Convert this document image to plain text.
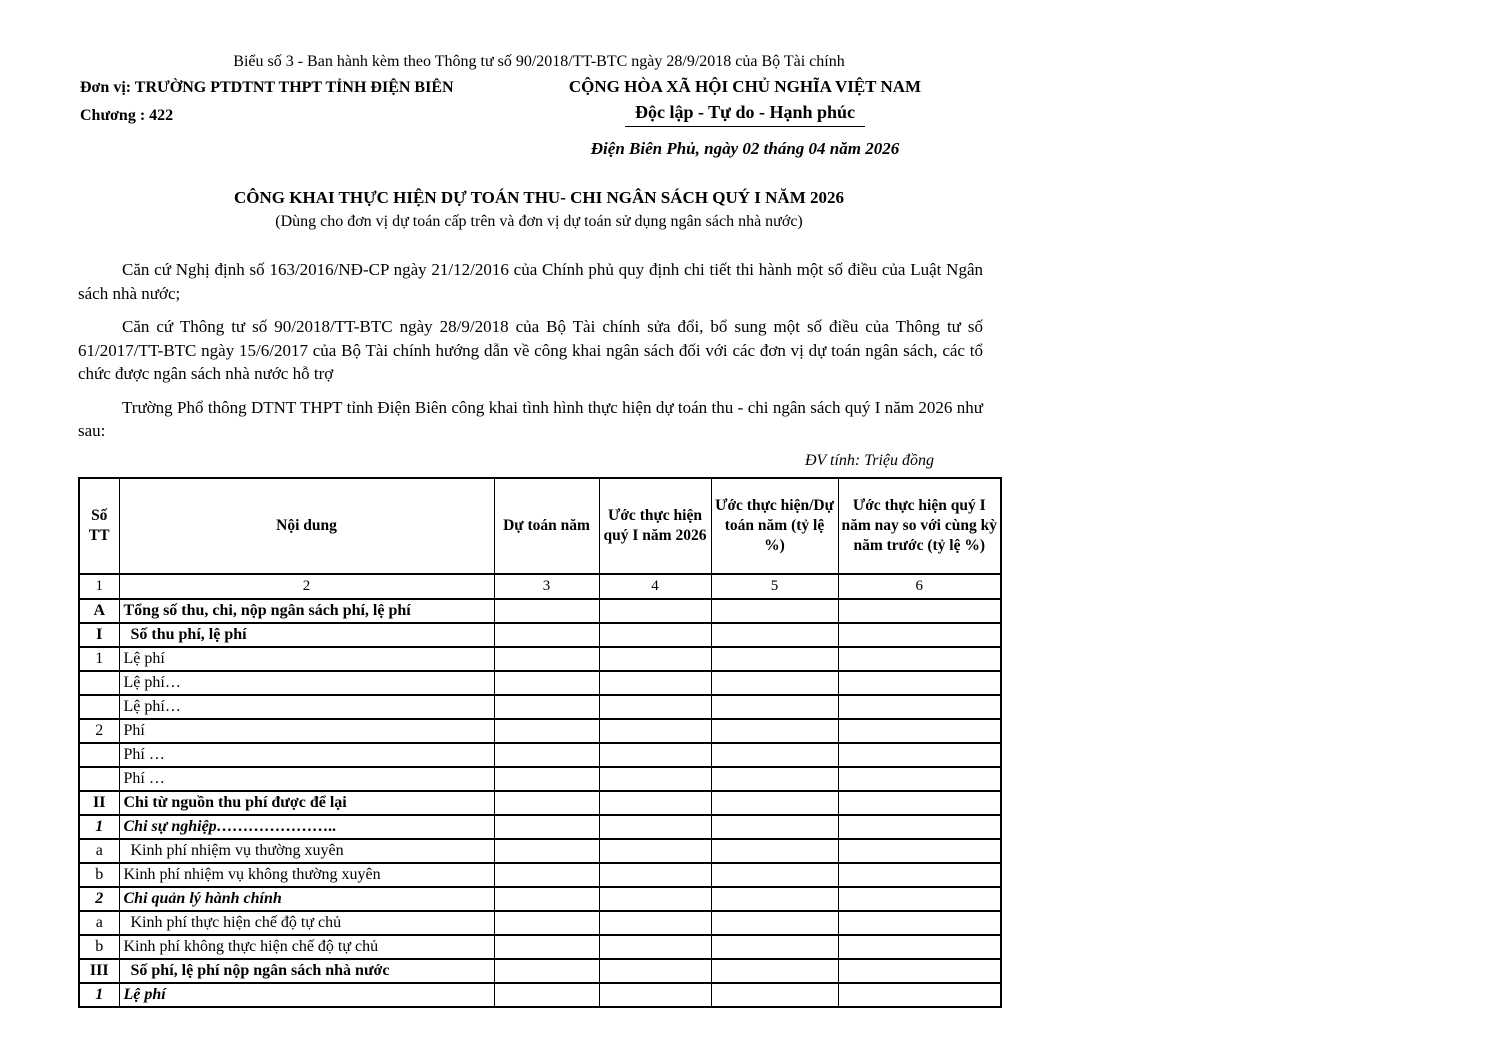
Biểu số 3 - Ban hành kèm theo Thông tư số 90/2018/TT-BTC ngày 28/9/2018 của Bộ Tài chính
Đơn vị: TRƯỜNG PTDTNT THPT TỈNH ĐIỆN BIÊN
Chương : 422
CỘNG HÒA XÃ HỘI CHỦ NGHĨA VIỆT NAM
Độc lập - Tự do - Hạnh phúc
Điện Biên Phủ, ngày 02 tháng 04 năm 2026
CÔNG KHAI THỰC HIỆN DỰ TOÁN THU- CHI NGÂN SÁCH QUÝ I NĂM 2026
(Dùng cho đơn vị dự toán cấp trên và đơn vị dự toán sử dụng ngân sách nhà nước)

Căn cứ Nghị định số 163/2016/NĐ-CP ngày 21/12/2016 của Chính phủ quy định chi tiết thi hành một số điều của Luật Ngân sách nhà nước;

Căn cứ Thông tư số 90/2018/TT-BTC ngày 28/9/2018 của Bộ Tài chính sửa đổi, bổ sung một số điều của Thông tư số 61/2017/TT-BTC ngày 15/6/2017 của Bộ Tài chính hướng dẫn về công khai ngân sách đối với các đơn vị dự toán ngân sách, các tổ chức được ngân sách nhà nước hỗ trợ

Trường Phổ thông DTNT THPT tỉnh Điện Biên công khai tình hình thực hiện dự toán thu - chi ngân sách quý I năm 2026 như sau:

ĐV tính: Triệu đồng
Số TT	Nội dung	Dự toán năm	Ước thực hiện quý I năm 2026	Ước thực hiện/Dự toán năm (tỷ lệ %)	Ước thực hiện quý I năm nay so với cùng kỳ năm trước (tỷ lệ %)
1	2	3	4	5	6
A	Tổng số thu, chi, nộp ngân sách phí, lệ phí				
I	Số thu phí, lệ phí				
1	Lệ phí				
	Lệ phí…				
	Lệ phí…				
2	Phí				
	Phí …				
	Phí …				
II	Chi từ nguồn thu phí được để lại				
1	Chi sự nghiệp…………………..				
a	Kinh phí nhiệm vụ thường xuyên				
b	Kinh phí nhiệm vụ không thường xuyên				
2	Chi quản lý hành chính				
a	Kinh phí thực hiện chế độ tự chủ				
b	Kinh phí không thực hiện chế độ tự chủ				
III	Số phí, lệ phí nộp ngân sách nhà nước				
1	Lệ phí				
